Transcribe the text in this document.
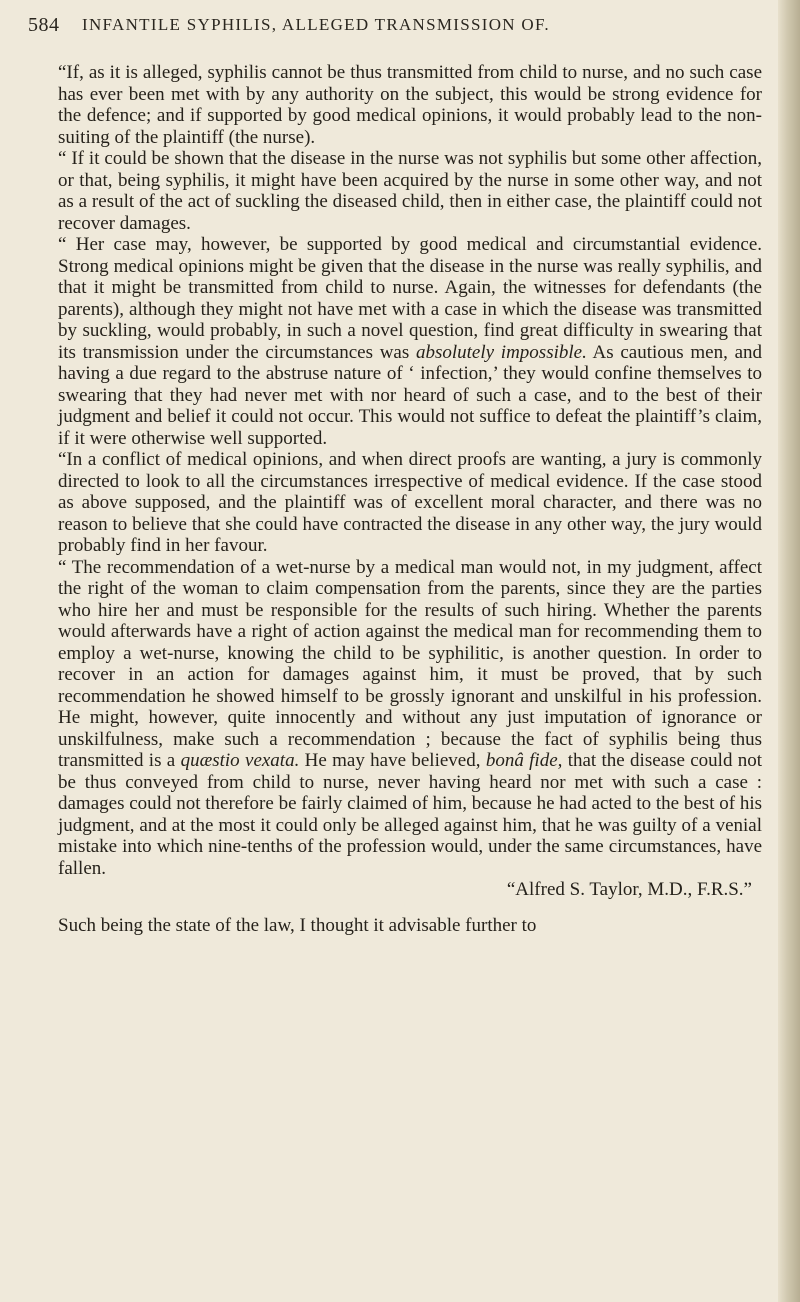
584 INFANTILE SYPHILIS, ALLEGED TRANSMISSION OF.

“If, as it is alleged, syphilis cannot be thus transmitted from child to nurse, and no such case has ever been met with by any authority on the subject, this would be strong evidence for the defence; and if supported by good medical opinions, it would probably lead to the non-suiting of the plaintiff (the nurse).

“ If it could be shown that the disease in the nurse was not syphilis but some other affection, or that, being syphilis, it might have been acquired by the nurse in some other way, and not as a result of the act of suckling the diseased child, then in either case, the plaintiff could not recover damages.

“ Her case may, however, be supported by good medical and circumstantial evidence. Strong medical opinions might be given that the disease in the nurse was really syphilis, and that it might be transmitted from child to nurse. Again, the witnesses for defendants (the parents), although they might not have met with a case in which the disease was transmitted by suckling, would probably, in such a novel question, find great difficulty in swearing that its transmission under the circumstances was absolutely impossible. As cautious men, and having a due regard to the abstruse nature of ‘ infection,’ they would confine themselves to swearing that they had never met with nor heard of such a case, and to the best of their judgment and belief it could not occur. This would not suffice to defeat the plaintiff’s claim, if it were otherwise well supported.

“In a conflict of medical opinions, and when direct proofs are wanting, a jury is commonly directed to look to all the circumstances irrespective of medical evidence. If the case stood as above supposed, and the plaintiff was of excellent moral character, and there was no reason to believe that she could have contracted the disease in any other way, the jury would probably find in her favour.

“ The recommendation of a wet-nurse by a medical man would not, in my judgment, affect the right of the woman to claim compensation from the parents, since they are the parties who hire her and must be responsible for the results of such hiring. Whether the parents would afterwards have a right of action against the medical man for recommending them to employ a wet-nurse, knowing the child to be syphilitic, is another question. In order to recover in an action for damages against him, it must be proved, that by such recommendation he showed himself to be grossly ignorant and unskilful in his profession. He might, however, quite innocently and without any just imputation of ignorance or unskilfulness, make such a recommendation ; because the fact of syphilis being thus transmitted is a quæstio vexata. He may have believed, bonâ fide, that the disease could not be thus conveyed from child to nurse, never having heard nor met with such a case : damages could not therefore be fairly claimed of him, because he had acted to the best of his judgment, and at the most it could only be alleged against him, that he was guilty of a venial mistake into which nine-tenths of the profession would, under the same circumstances, have fallen.

“Alfred S. Taylor, M.D., F.R.S.”

Such being the state of the law, I thought it advisable further to
